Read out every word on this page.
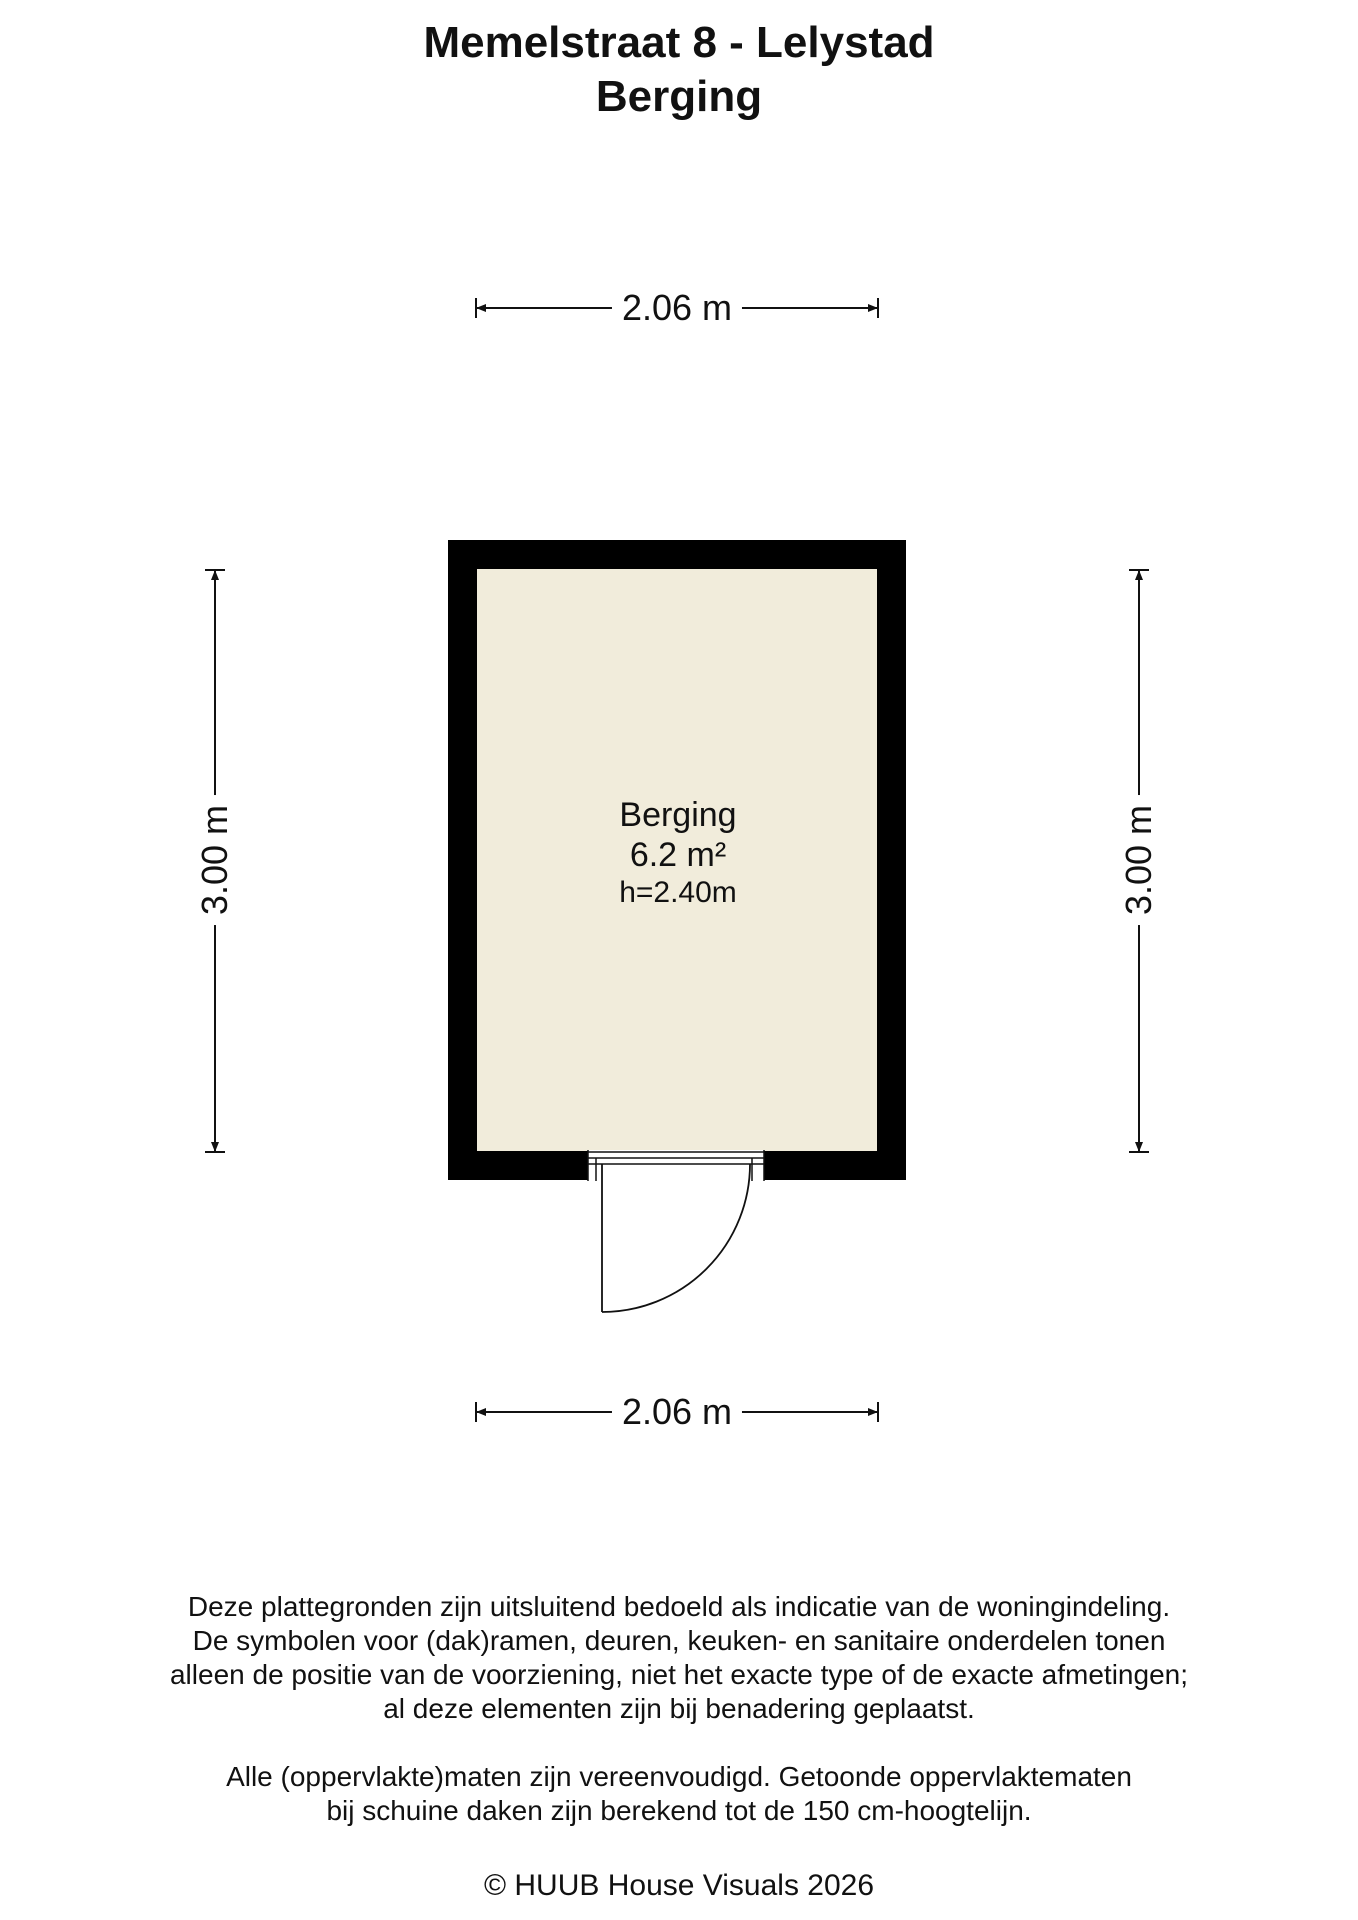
Memelstraat 8 - Lelystad
Berging
2.06 m
2.06 m
3.00 m	3.00 m
Berging
6.2 m²
h=2.40m

Deze plattegronden zijn uitsluitend bedoeld als indicatie van de woningindeling.

De symbolen voor (dak)ramen, deuren, keuken- en sanitaire onderdelen tonen

alleen de positie van de voorziening, niet het exacte type of de exacte afmetingen;

al deze elementen zijn bij benadering geplaatst.

Alle (oppervlakte)maten zijn vereenvoudigd. Getoonde oppervlaktematen

bij schuine daken zijn berekend tot de 150 cm-hoogtelijn.

© HUUB House Visuals 2026
